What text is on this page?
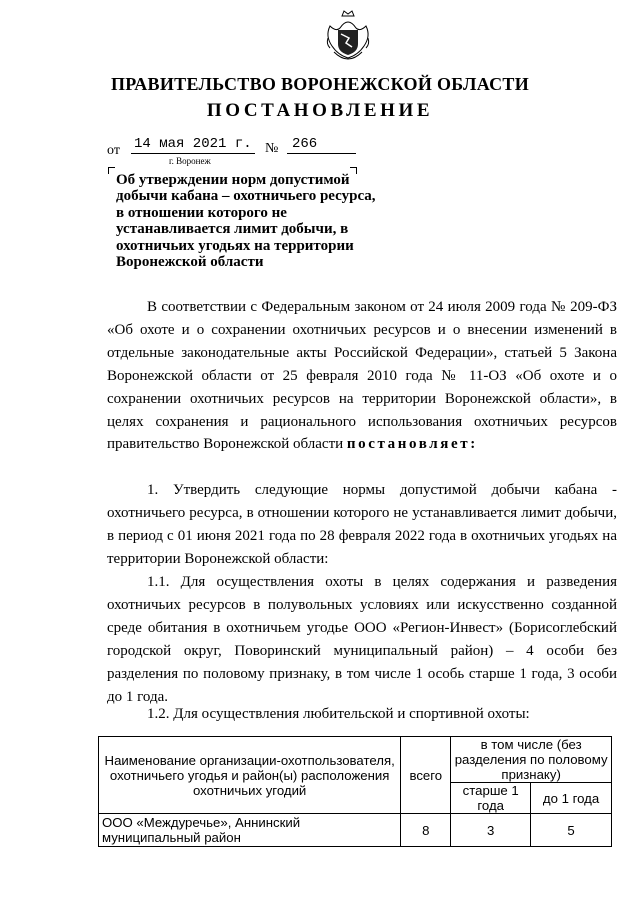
ПРАВИТЕЛЬСТВО ВОРОНЕЖСКОЙ ОБЛАСТИ
ПОСТАНОВЛЕНИЕ
от 14 мая 2021 г. № 266
г. Воронеж
Об утверждении норм допустимой добычи кабана – охотничьего ресурса, в отношении которого не устанавливается лимит добычи, в охотничьих угодьях на территории Воронежской области

В соответствии с Федеральным законом от 24 июля 2009 года № 209-ФЗ «Об охоте и о сохранении охотничьих ресурсов и о внесении изменений в отдельные законодательные акты Российской Федерации», статьей 5 Закона Воронежской области от 25 февраля 2010 года № 11-ОЗ «Об охоте и о сохранении охотничьих ресурсов на территории Воронежской области», в целях сохранения и рационального использования охотничьих ресурсов правительство Воронежской области постановляет:

1. Утвердить следующие нормы допустимой добычи кабана - охотничьего ресурса, в отношении которого не устанавливается лимит добычи, в период с 01 июня 2021 года по 28 февраля 2022 года в охотничьих угодьях на территории Воронежской области:

1.1. Для осуществления охоты в целях содержания и разведения охотничьих ресурсов в полувольных условиях или искусственно созданной среде обитания в охотничьем угодье ООО «Регион-Инвест» (Борисоглебский городской округ, Поворинский муниципальный район) – 4 особи без разделения по половому признаку, в том числе 1 особь старше 1 года, 3 особи до 1 года.

1.2. Для осуществления любительской и спортивной охоты:

Наименование организации-охотпользователя, охотничьего угодья и район(ы) расположения охотничьих угодий	всего	в том числе (без разделения по половому признаку)	
		старше 1 года	до 1 года
ООО «Междуречье», Аннинский муниципальный район	8	3	5
